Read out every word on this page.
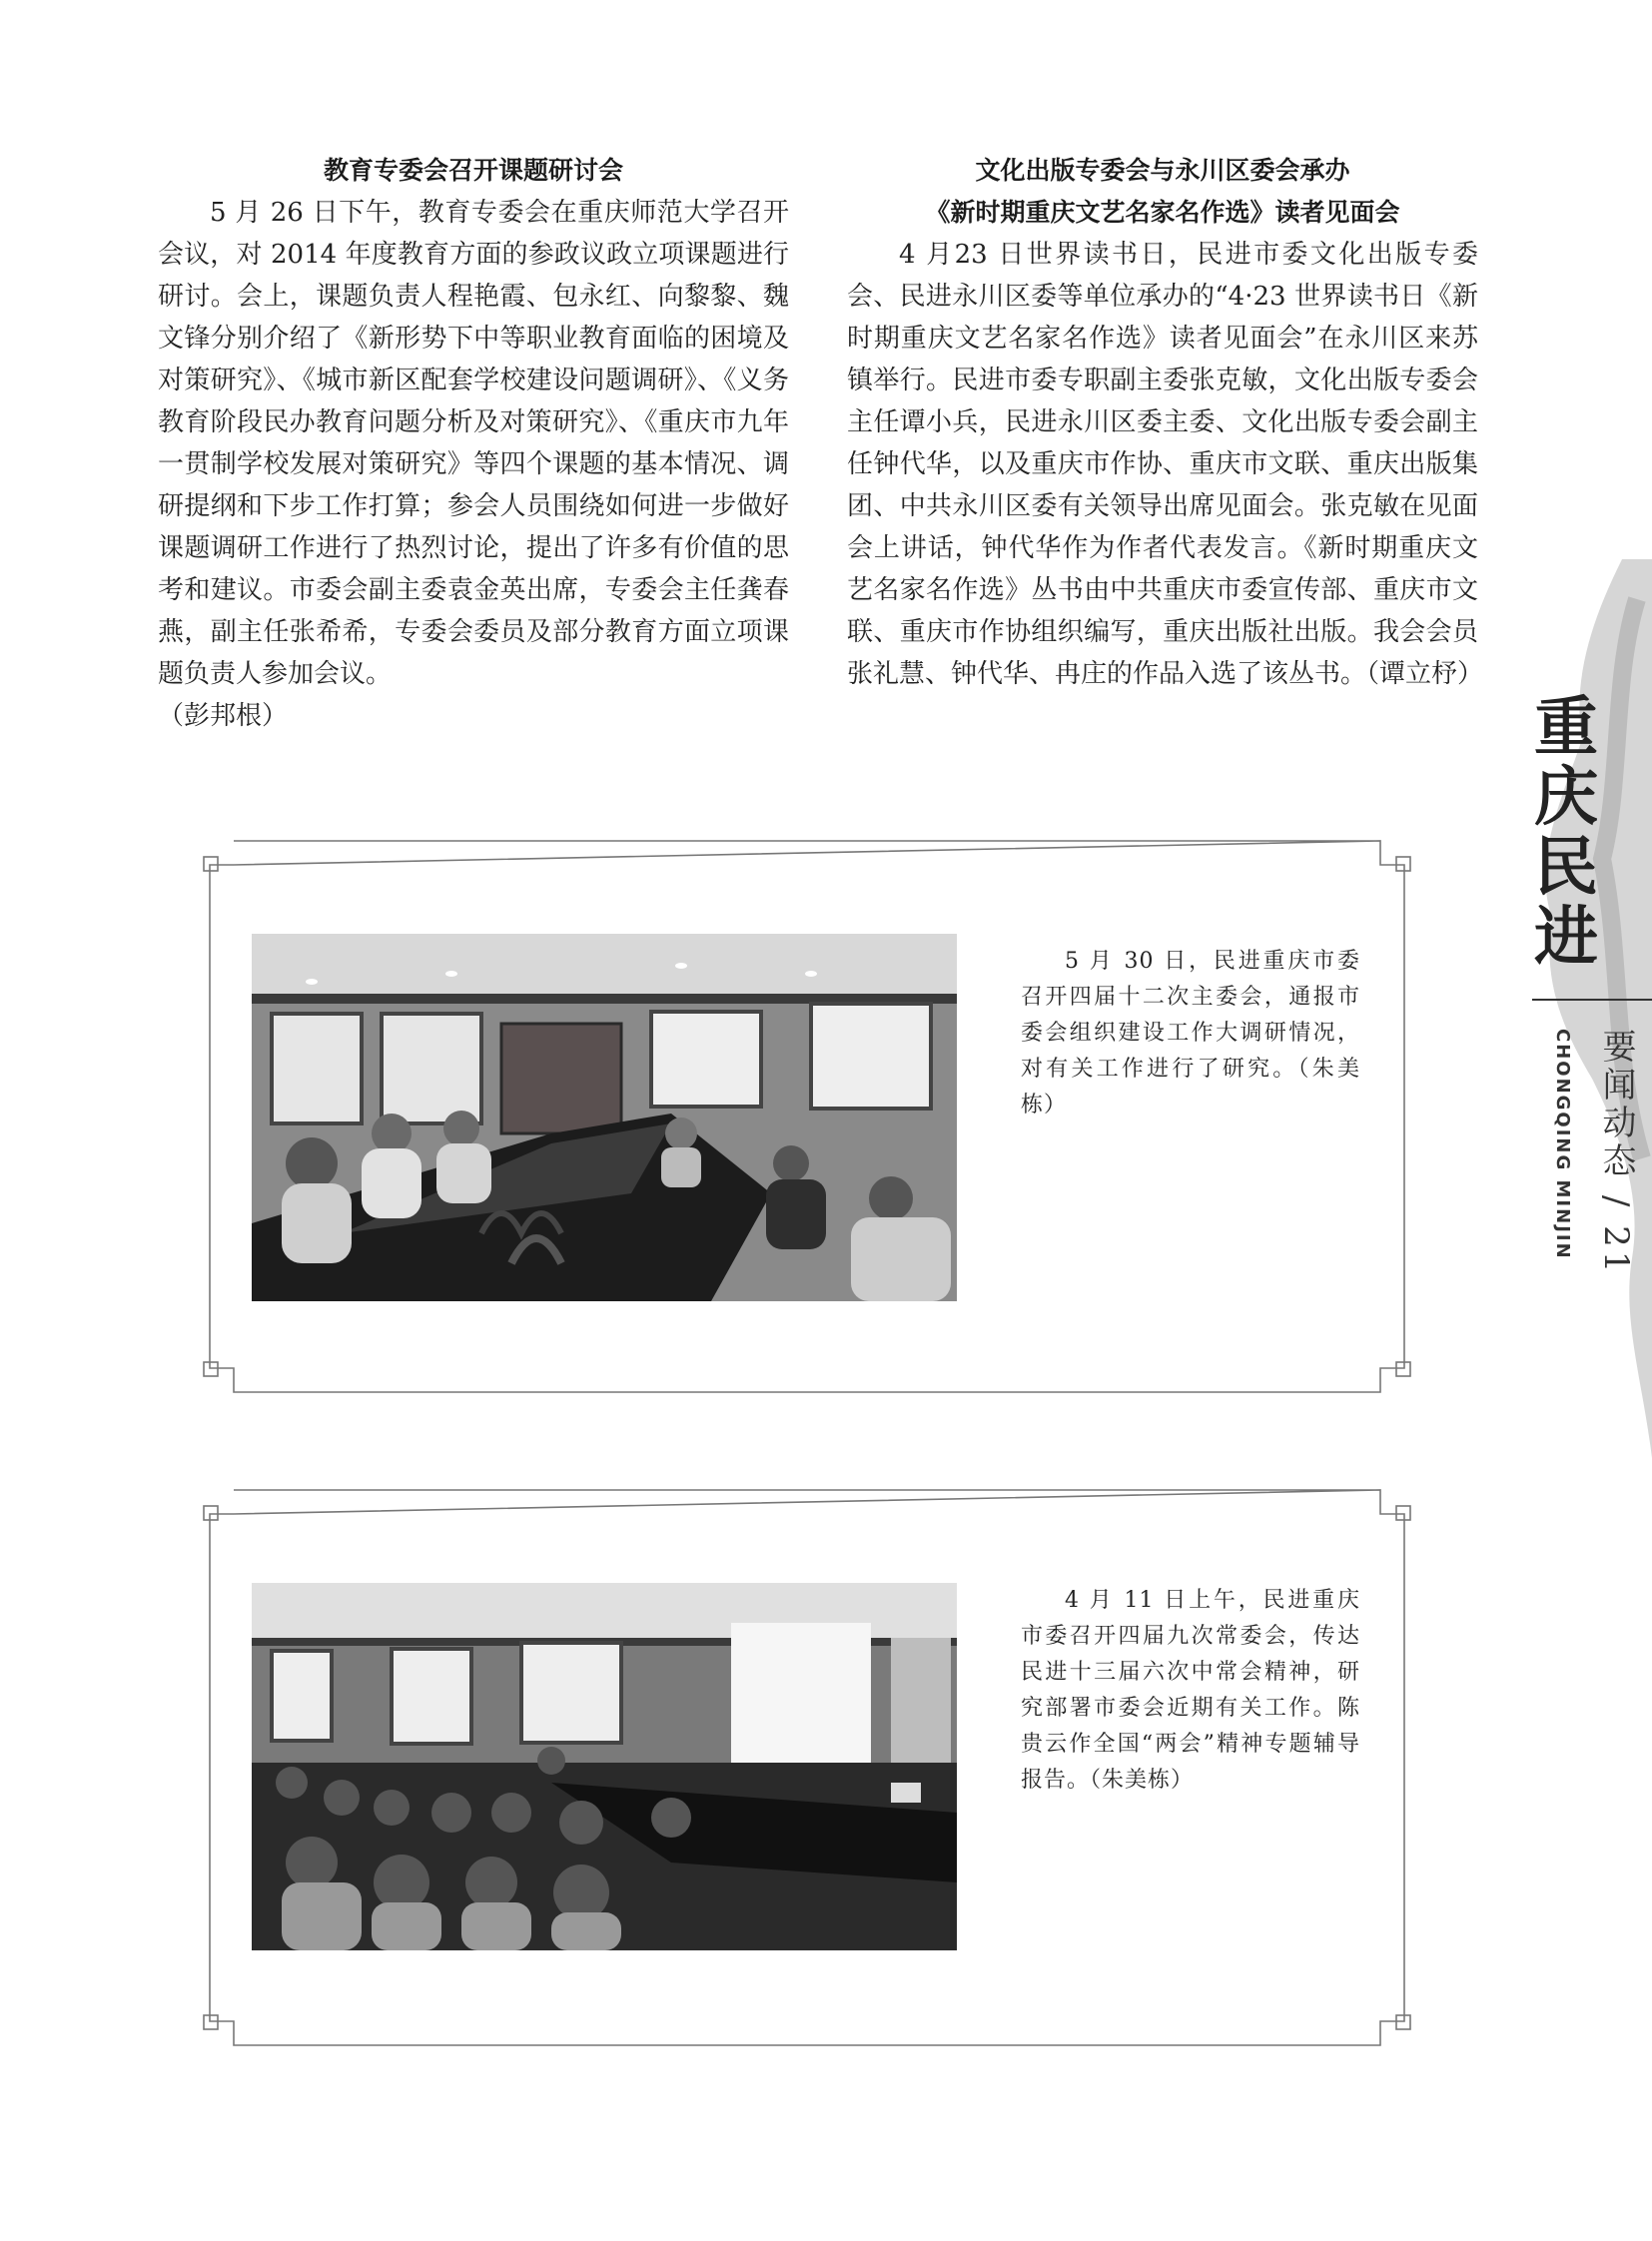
教育专委会召开课题研讨会

5 月 26 日下午，教育专委会在重庆师范大学召开会议，对 2014 年度教育方面的参政议政立项课题进行研讨。会上，课题负责人程艳霞、包永红、向黎黎、魏文锋分别介绍了《新形势下中等职业教育面临的困境及对策研究》、《城市新区配套学校建设问题调研》、《义务教育阶段民办教育问题分析及对策研究》、《重庆市九年一贯制学校发展对策研究》等四个课题的基本情况、调研提纲和下步工作打算；参会人员围绕如何进一步做好课题调研工作进行了热烈讨论，提出了许多有价值的思考和建议。市委会副主委袁金英出席，专委会主任龚春燕，副主任张希希，专委会委员及部分教育方面立项课题负责人参加会议。
（彭邦根）

文化出版专委会与永川区委会承办
《新时期重庆文艺名家名作选》读者见面会

4 月23 日世界读书日，民进市委文化出版专委会、民进永川区委等单位承办的“4·23 世界读书日《新时期重庆文艺名家名作选》读者见面会”在永川区来苏镇举行。民进市委专职副主委张克敏，文化出版专委会主任谭小兵，民进永川区委主委、文化出版专委会副主任钟代华，以及重庆市作协、重庆市文联、重庆出版集团、中共永川区委有关领导出席见面会。张克敏在见面会上讲话，钟代华作为作者代表发言。《新时期重庆文艺名家名作选》丛书由中共重庆市委宣传部、重庆市文联、重庆市作协组织编写，重庆出版社出版。我会会员张礼慧、钟代华、冉庄的作品入选了该丛书。（谭立杼）

5 月 30 日，民进重庆市委召开四届十二次主委会，通报市委会组织建设工作大调研情况，对有关工作进行了研究。（朱美栋）
4 月 11 日上午，民进重庆市委召开四届九次常委会，传达民进十三届六次中常会精神，研究部署市委会近期有关工作。陈贵云作全国“两会”精神专题辅导报告。（朱美栋）
重
庆
民
进
CHONGQING MINJIN 要闻动态 / 21
